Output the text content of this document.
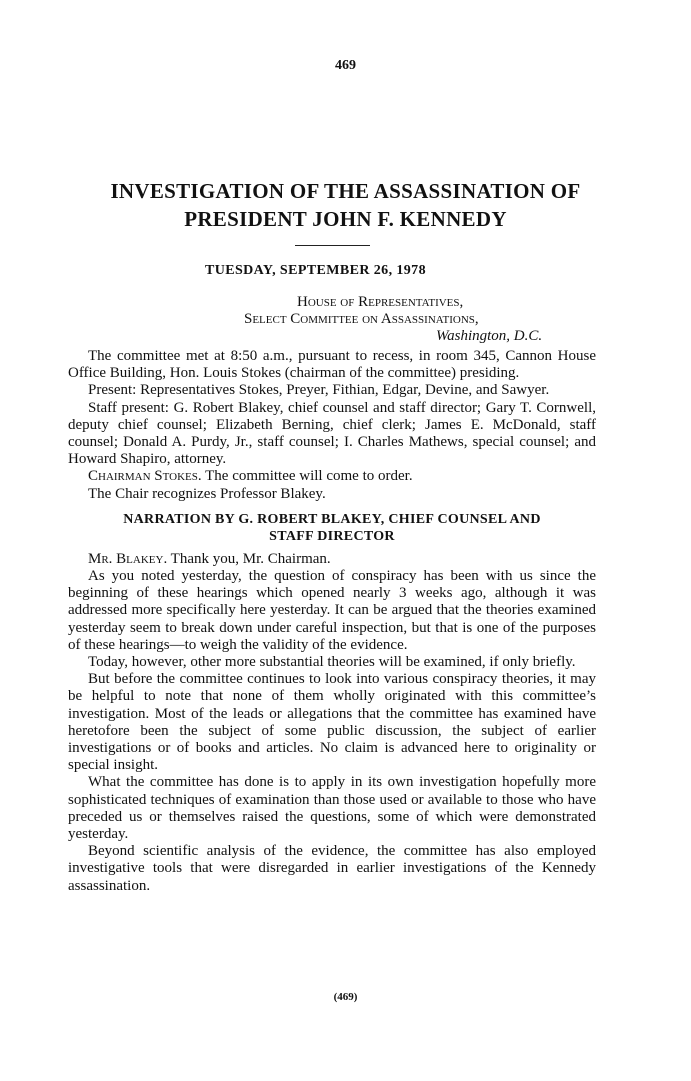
469
INVESTIGATION OF THE ASSASSINATION OF
PRESIDENT JOHN F. KENNEDY
TUESDAY, SEPTEMBER 26, 1978
House of Representatives,
Select Committee on Assassinations,
Washington, D.C.

The committee met at 8:50 a.m., pursuant to recess, in room 345, Cannon House Office Building, Hon. Louis Stokes (chairman of the committee) presiding.

Present: Representatives Stokes, Preyer, Fithian, Edgar, Devine, and Sawyer.

Staff present: G. Robert Blakey, chief counsel and staff director; Gary T. Cornwell, deputy chief counsel; Elizabeth Berning, chief clerk; James E. McDonald, staff counsel; Donald A. Purdy, Jr., staff counsel; I. Charles Mathews, special counsel; and Howard Shapiro, attorney.

Chairman Stokes. The committee will come to order.

The Chair recognizes Professor Blakey.

NARRATION BY G. ROBERT BLAKEY, CHIEF COUNSEL AND
STAFF DIRECTOR

Mr. Blakey. Thank you, Mr. Chairman.

As you noted yesterday, the question of conspiracy has been with us since the beginning of these hearings which opened nearly 3 weeks ago, although it was addressed more specifically here yesterday. It can be argued that the theories examined yesterday seem to break down under careful inspection, but that is one of the purposes of these hearings—to weigh the validity of the evidence.

Today, however, other more substantial theories will be examined, if only briefly.

But before the committee continues to look into various conspiracy theories, it may be helpful to note that none of them wholly originated with this committee’s investigation. Most of the leads or allegations that the committee has examined have heretofore been the subject of some public discussion, the subject of earlier investigations or of books and articles. No claim is advanced here to originality or special insight.

What the committee has done is to apply in its own investigation hopefully more sophisticated techniques of examination than those used or available to those who have preceded us or themselves raised the questions, some of which were demonstrated yesterday.

Beyond scientific analysis of the evidence, the committee has also employed investigative tools that were disregarded in earlier investigations of the Kennedy assassination.

(469)
